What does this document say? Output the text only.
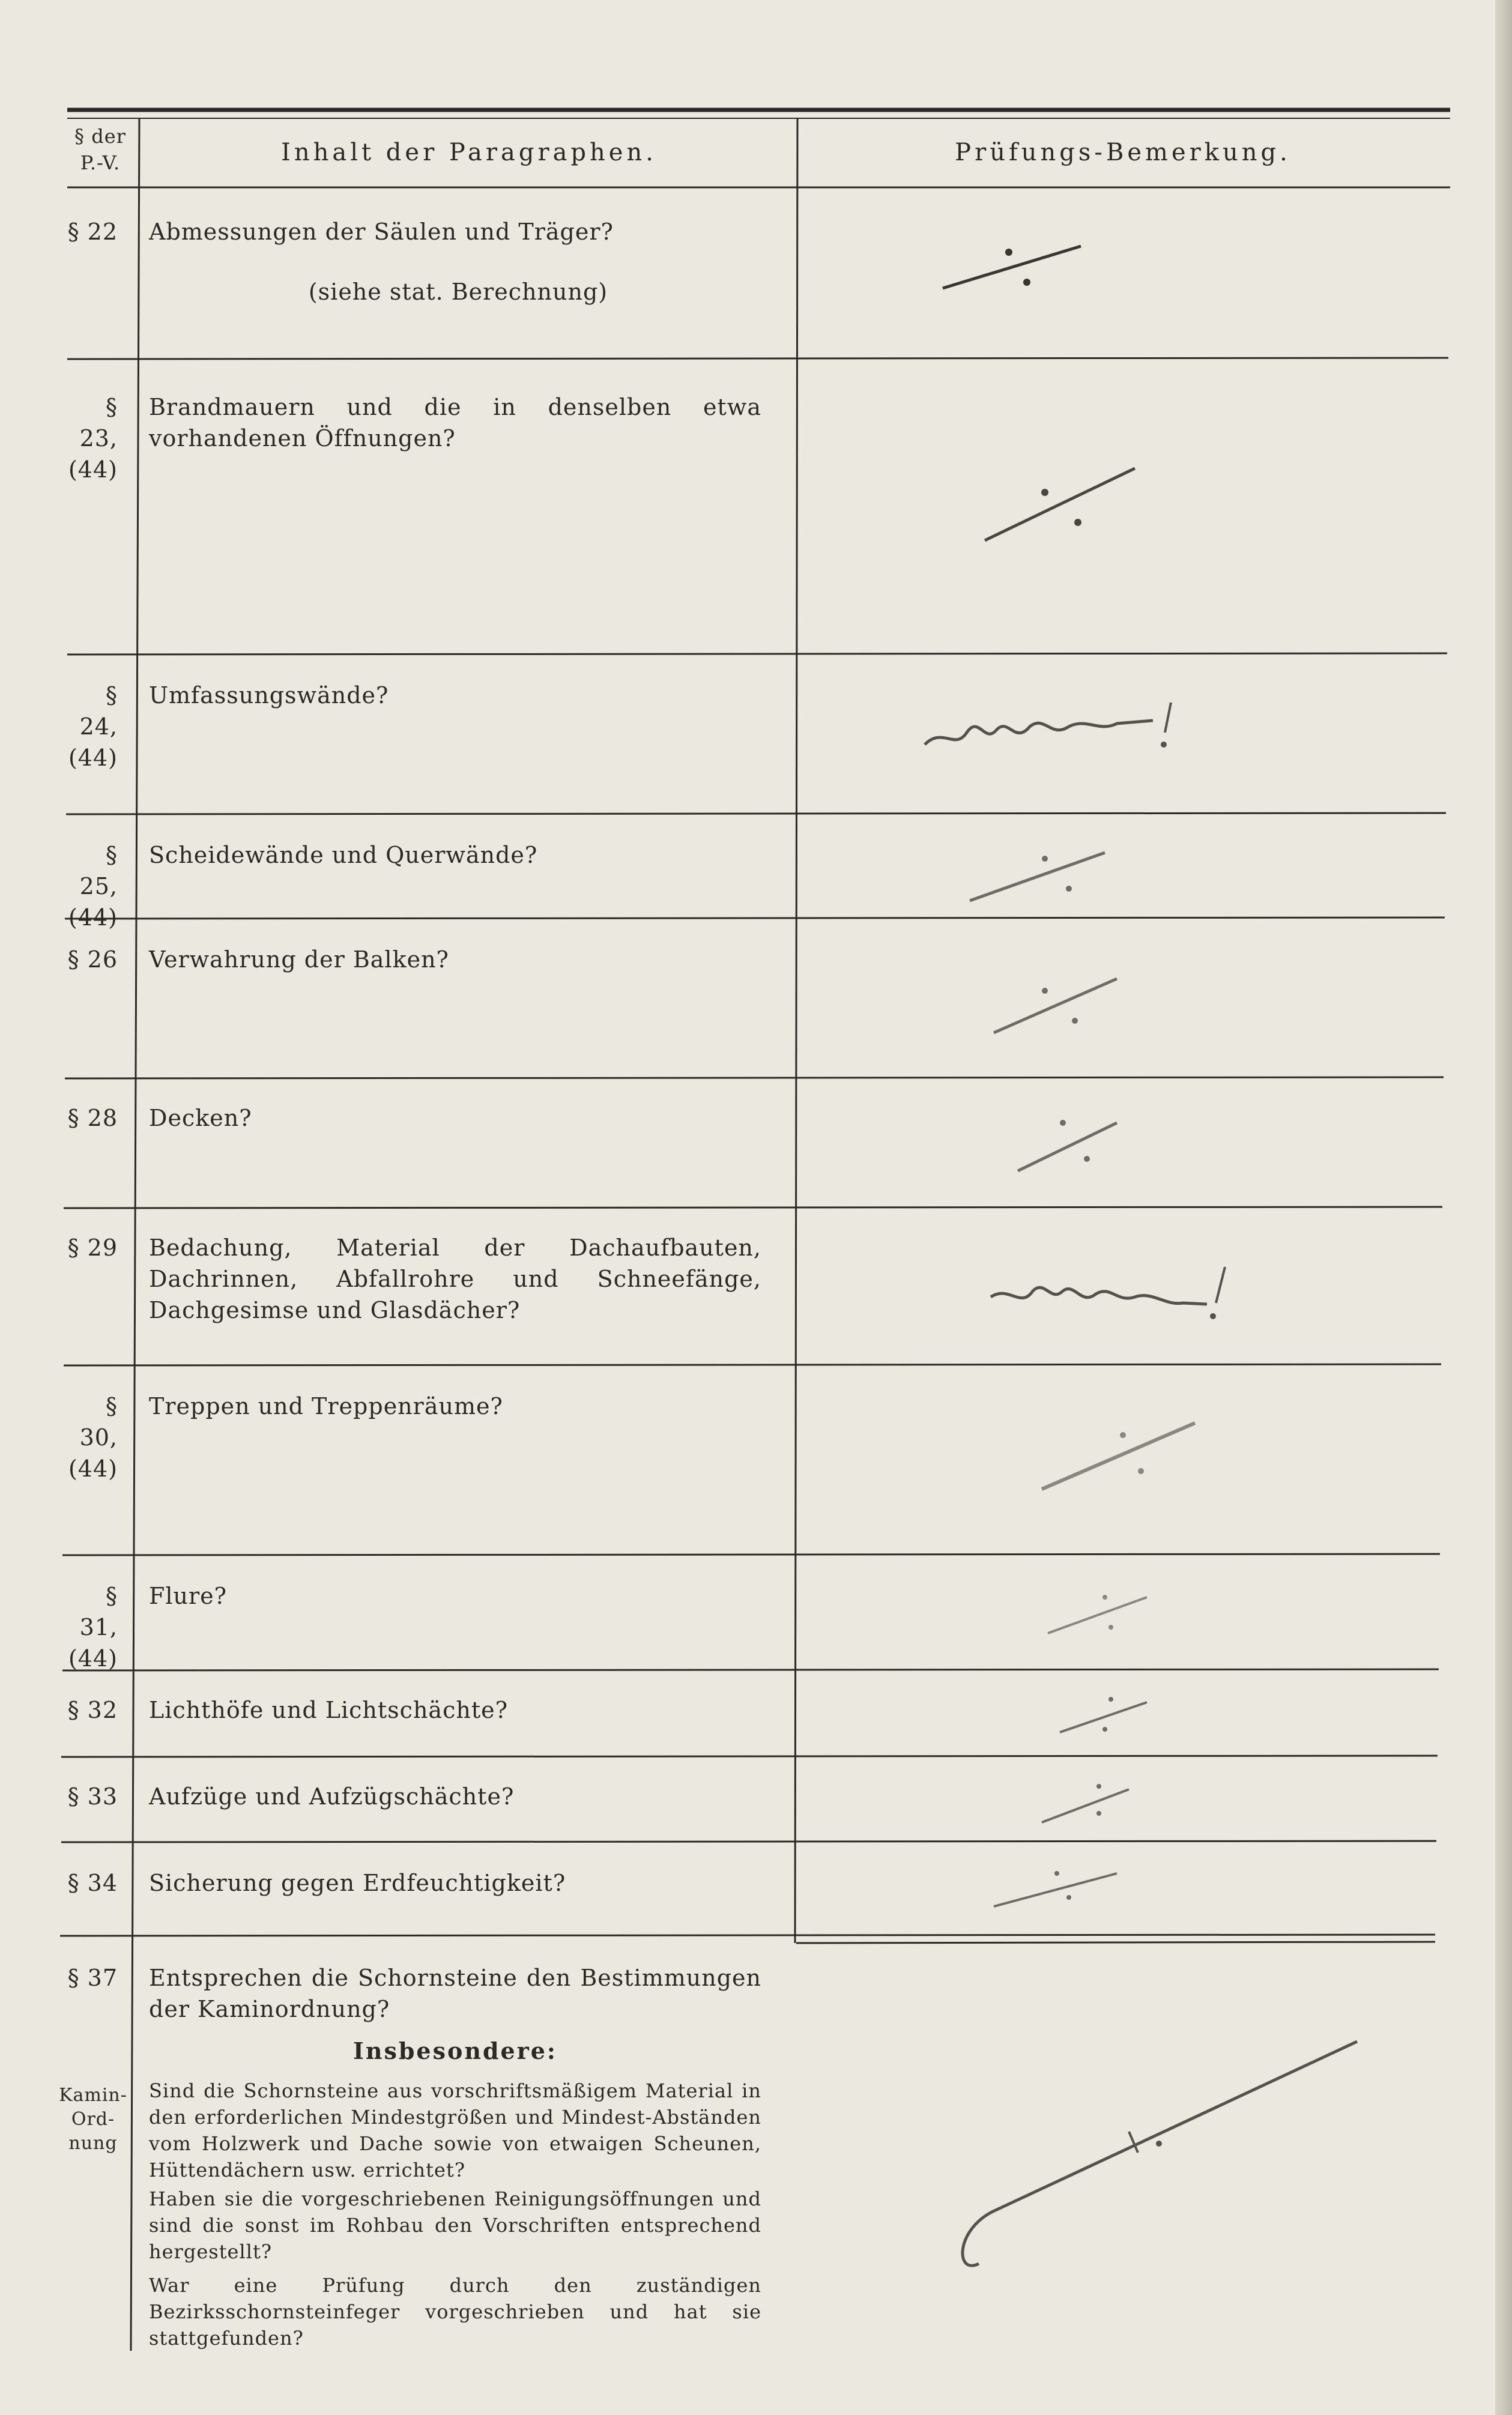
§ der
P.-V.	Inhalt der Paragraphen.	Prüfungs-Bemerkung.
§ 22 Abmessungen der Säulen und Träger?
(siehe stat. Berechnung)
§ 23,
(44)
Brandmauern und die in denselben etwa vorhandenen Öffnungen?
§ 24,
(44)
Umfassungswände?
§ 25,
(44)
Scheidewände und Querwände?
§ 26 Verwahrung der Balken?
§ 28 Decken?
§ 29 Bedachung, Material der Dachaufbauten, Dachrinnen, Abfallrohre und Schneefänge, Dachgesimse und Glasdächer?
§ 30,
(44)
Treppen und Treppenräume?
§ 31,
(44)
Flure?
§ 32 Lichthöfe und Lichtschächte?
§ 33 Aufzüge und Aufzügschächte?
§ 34 Sicherung gegen Erdfeuchtigkeit?
§ 37
Kamin-
Ord-
nung
Entsprechen die Schornsteine den Bestimmungen der Kaminordnung?
Insbesondere:
Sind die Schornsteine aus vorschriftsmäßigem Material in den erforderlichen Mindestgrößen und Mindest-Abständen vom Holzwerk und Dache sowie von etwaigen Scheunen, Hüttendächern usw. errichtet?
Haben sie die vorgeschriebenen Reinigungsöffnungen und sind die sonst im Rohbau den Vorschriften entsprechend hergestellt?
War eine Prüfung durch den zuständigen Bezirksschornsteinfeger vorgeschrieben und hat sie stattgefunden?
